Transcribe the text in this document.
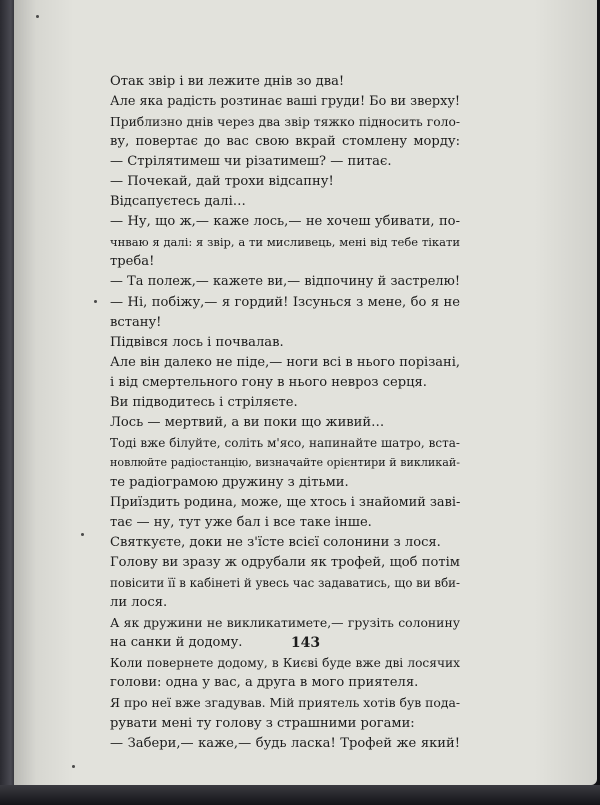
Отак звір і ви лежите днів зо два!

Але яка радість розтинає ваші груди! Бо ви зверху!

Приблизно днів через два звір тяжко підносить голо-

ву, повертає до вас свою вкрай стомлену морду:

— Стрілятимеш чи різатимеш? — питає.

— Почекай, дай трохи відсапну!

Відсапуєтесь далі…

— Ну, що ж,— каже лось,— не хочеш убивати, по-

чнваю я далі: я звір, а ти мисливець, мені від тебе тікати

треба!

— Та полеж,— кажете ви,— відпочину й застрелю!

— Ні, побіжу,— я гордий! Ізсунься з мене, бо я не

встану!

Підвівся лось і почвалав.

Але він далеко не піде,— ноги всі в нього порізані,

і від смертельного гону в нього невроз серця.

Ви підводитесь і стріляєте.

Лось — мертвий, а ви поки що живий…

Тоді вже білуйте, соліть м'ясо, напинайте шатро, вста-

новлюйте радіостанцію, визначайте орієнтири й викликай-

те радіограмою дружину з дітьми.

Приїздить родина, може, ще хтось і знайомий заві-

тає — ну, тут уже бал і все таке інше.

Святкуєте, доки не з'їсте всієї солонини з лося.

Голову ви зразу ж одрубали як трофей, щоб потім

повісити її в кабінеті й увесь час задаватись, що ви вби-

ли лося.

А як дружини не викликатимете,— грузіть солонину

на санки й додому.

Коли повернете додому, в Києві буде вже дві лосячих

голови: одна у вас, а друга в мого приятеля.

Я про неї вже згадував. Мій приятель хотів був пода-

рувати мені ту голову з страшними рогами:

— Забери,— каже,— будь ласка! Трофей же який!

143
